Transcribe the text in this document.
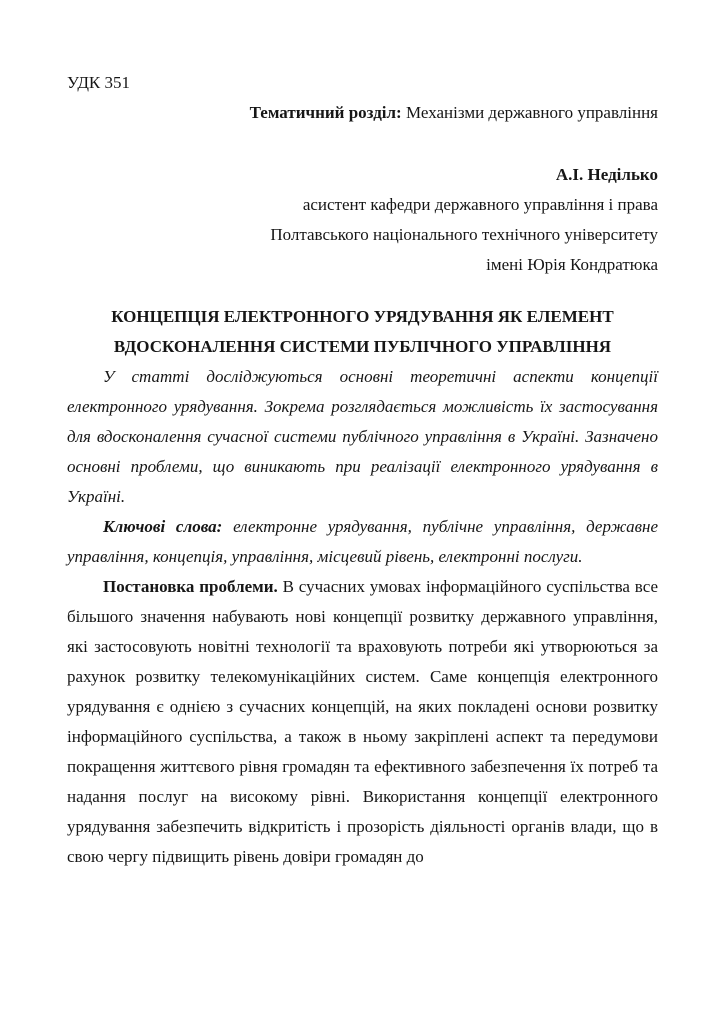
УДК 351
Тематичний розділ: Механізми державного управління
А.І. Неділько
асистент кафедри державного управління і права
Полтавського національного технічного університету
імені Юрія Кондратюка
КОНЦЕПЦІЯ ЕЛЕКТРОННОГО УРЯДУВАННЯ ЯК ЕЛЕМЕНТ ВДОСКОНАЛЕННЯ СИСТЕМИ ПУБЛІЧНОГО УПРАВЛІННЯ

У статті досліджуються основні теоретичні аспекти концепції електронного урядування. Зокрема розглядається можливість їх застосування для вдосконалення сучасної системи публічного управління в Україні. Зазначено основні проблеми, що виникають при реалізації електронного урядування в Україні.

Ключові слова: електронне урядування, публічне управління, державне управління, концепція, управління, місцевий рівень, електронні послуги.

Постановка проблеми. В сучасних умовах інформаційного суспільства все більшого значення набувають нові концепції розвитку державного управління, які застосовують новітні технології та враховують потреби які утворюються за рахунок розвитку телекомунікаційних систем. Саме концепція електронного урядування є однією з сучасних концепцій, на яких покладені основи розвитку інформаційного суспільства, а також в ньому закріплені аспект та передумови покращення життєвого рівня громадян та ефективного забезпечення їх потреб та надання послуг на високому рівні. Використання концепції електронного урядування забезпечить відкритість і прозорість діяльності органів влади, що в свою чергу підвищить рівень довіри громадян до
